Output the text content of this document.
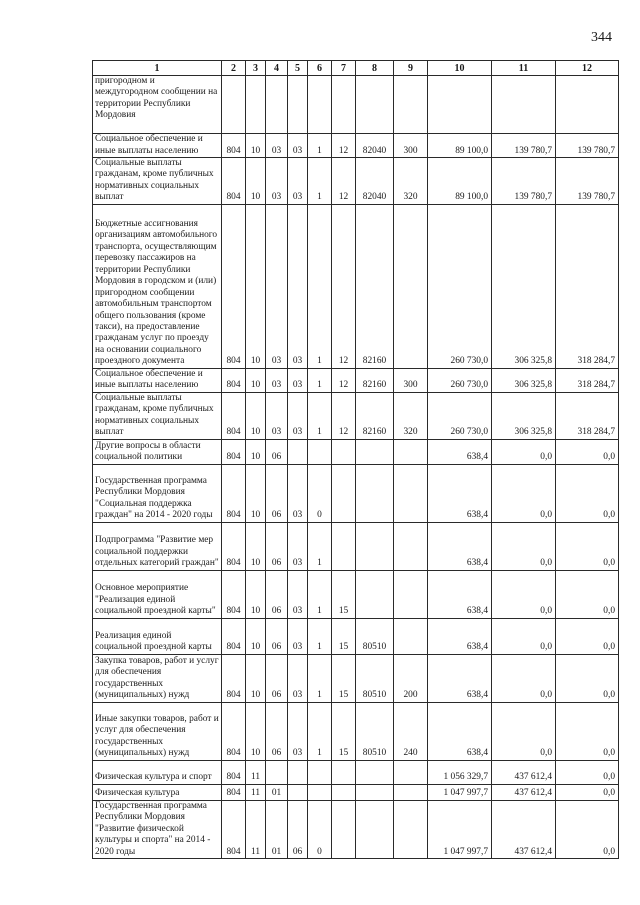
344
1	2	3	4	5	6	7	8	9	10	11	12
пригородном и междугородном сообщении на территории Республики Мордовия											
Социальное обеспечение и иные выплаты населению	804	10	03	03	1	12	82040	300	89 100,0	139 780,7	139 780,7
Социальные выплаты гражданам, кроме публичных нормативных социальных выплат	804	10	03	03	1	12	82040	320	89 100,0	139 780,7	139 780,7
Бюджетные ассигнования организациям автомобильного транспорта, осуществляющим перевозку пассажиров на территории Республики Мордовия в городском и (или) пригородном сообщении автомобильным транспортом общего пользования (кроме такси), на предоставление гражданам услуг по проезду на основании социального проездного документа	804	10	03	03	1	12	82160		260 730,0	306 325,8	318 284,7
Социальное обеспечение и иные выплаты населению	804	10	03	03	1	12	82160	300	260 730,0	306 325,8	318 284,7
Социальные выплаты гражданам, кроме публичных нормативных социальных выплат	804	10	03	03	1	12	82160	320	260 730,0	306 325,8	318 284,7
Другие вопросы в области социальной политики	804	10	06						638,4	0,0	0,0
Государственная программа Республики Мордовия "Социальная поддержка граждан" на 2014 - 2020 годы	804	10	06	03	0				638,4	0,0	0,0
Подпрограмма "Развитие мер социальной поддержки отдельных категорий граждан"	804	10	06	03	1				638,4	0,0	0,0
Основное мероприятие "Реализация единой социальной проездной карты"	804	10	06	03	1	15			638,4	0,0	0,0
Реализация единой социальной проездной карты	804	10	06	03	1	15	80510		638,4	0,0	0,0
Закупка товаров, работ и услуг для обеспечения государственных (муниципальных) нужд	804	10	06	03	1	15	80510	200	638,4	0,0	0,0
Иные закупки товаров, работ и услуг для обеспечения государственных (муниципальных) нужд	804	10	06	03	1	15	80510	240	638,4	0,0	0,0
Физическая культура и спорт	804	11							1 056 329,7	437 612,4	0,0
Физическая культура	804	11	01						1 047 997,7	437 612,4	0,0
Государственная программа Республики Мордовия "Развитие физической культуры и спорта" на 2014 - 2020 годы	804	11	01	06	0				1 047 997,7	437 612,4	0,0
